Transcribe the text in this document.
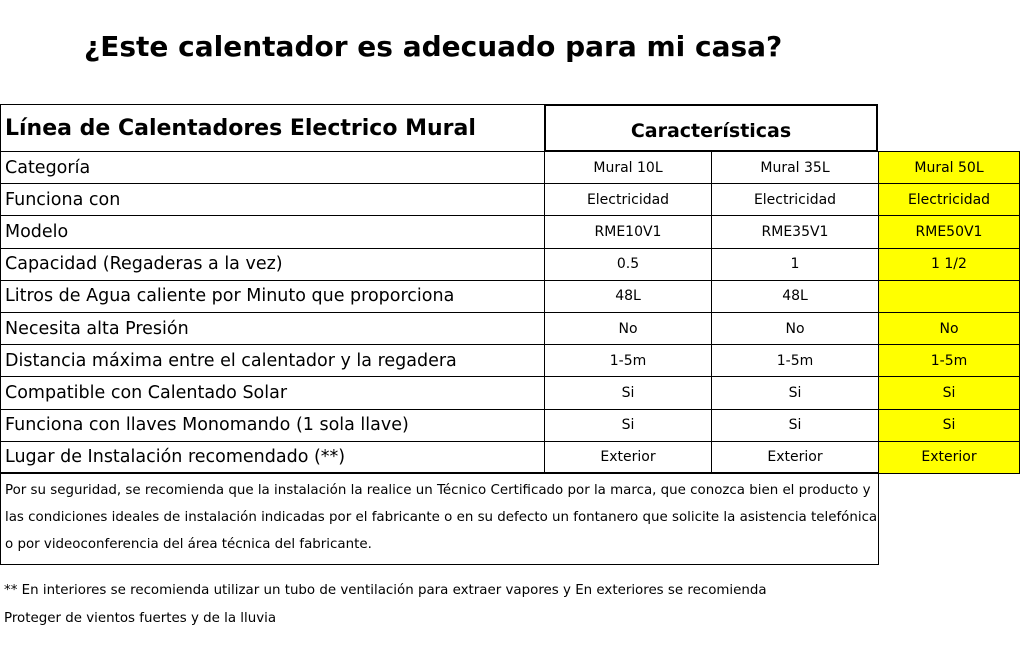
¿Este calentador es adecuado para mi casa?
Línea de Calentadores Electrico Mural	Características
Categoría	Mural 10L	Mural 35L	Mural 50L
Funciona con	Electricidad	Electricidad	Electricidad
Modelo	RME10V1	RME35V1	RME50V1
Capacidad (Regaderas a la vez)	0.5	1	1 1/2
Litros de Agua caliente por Minuto que proporciona	48L	48L
Necesita alta Presión	No	No	No
Distancia máxima entre el calentador y la regadera	1-5m	1-5m	1-5m
Compatible con Calentado Solar	Si	Si	Si
Funciona con llaves Monomando (1 sola llave)	Si	Si	Si
Lugar de Instalación recomendado (**)	Exterior	Exterior	Exterior
Por su seguridad, se recomienda que la instalación la realice un Técnico Certificado por la marca, que conozca bien el producto y las condiciones ideales de instalación indicadas por el fabricante o en su defecto un fontanero que solicite la asistencia telefónica o por videoconferencia del área técnica del fabricante.
** En interiores se recomienda utilizar un tubo de ventilación para extraer vapores y En exteriores se recomienda
Proteger de vientos fuertes y de la lluvia
